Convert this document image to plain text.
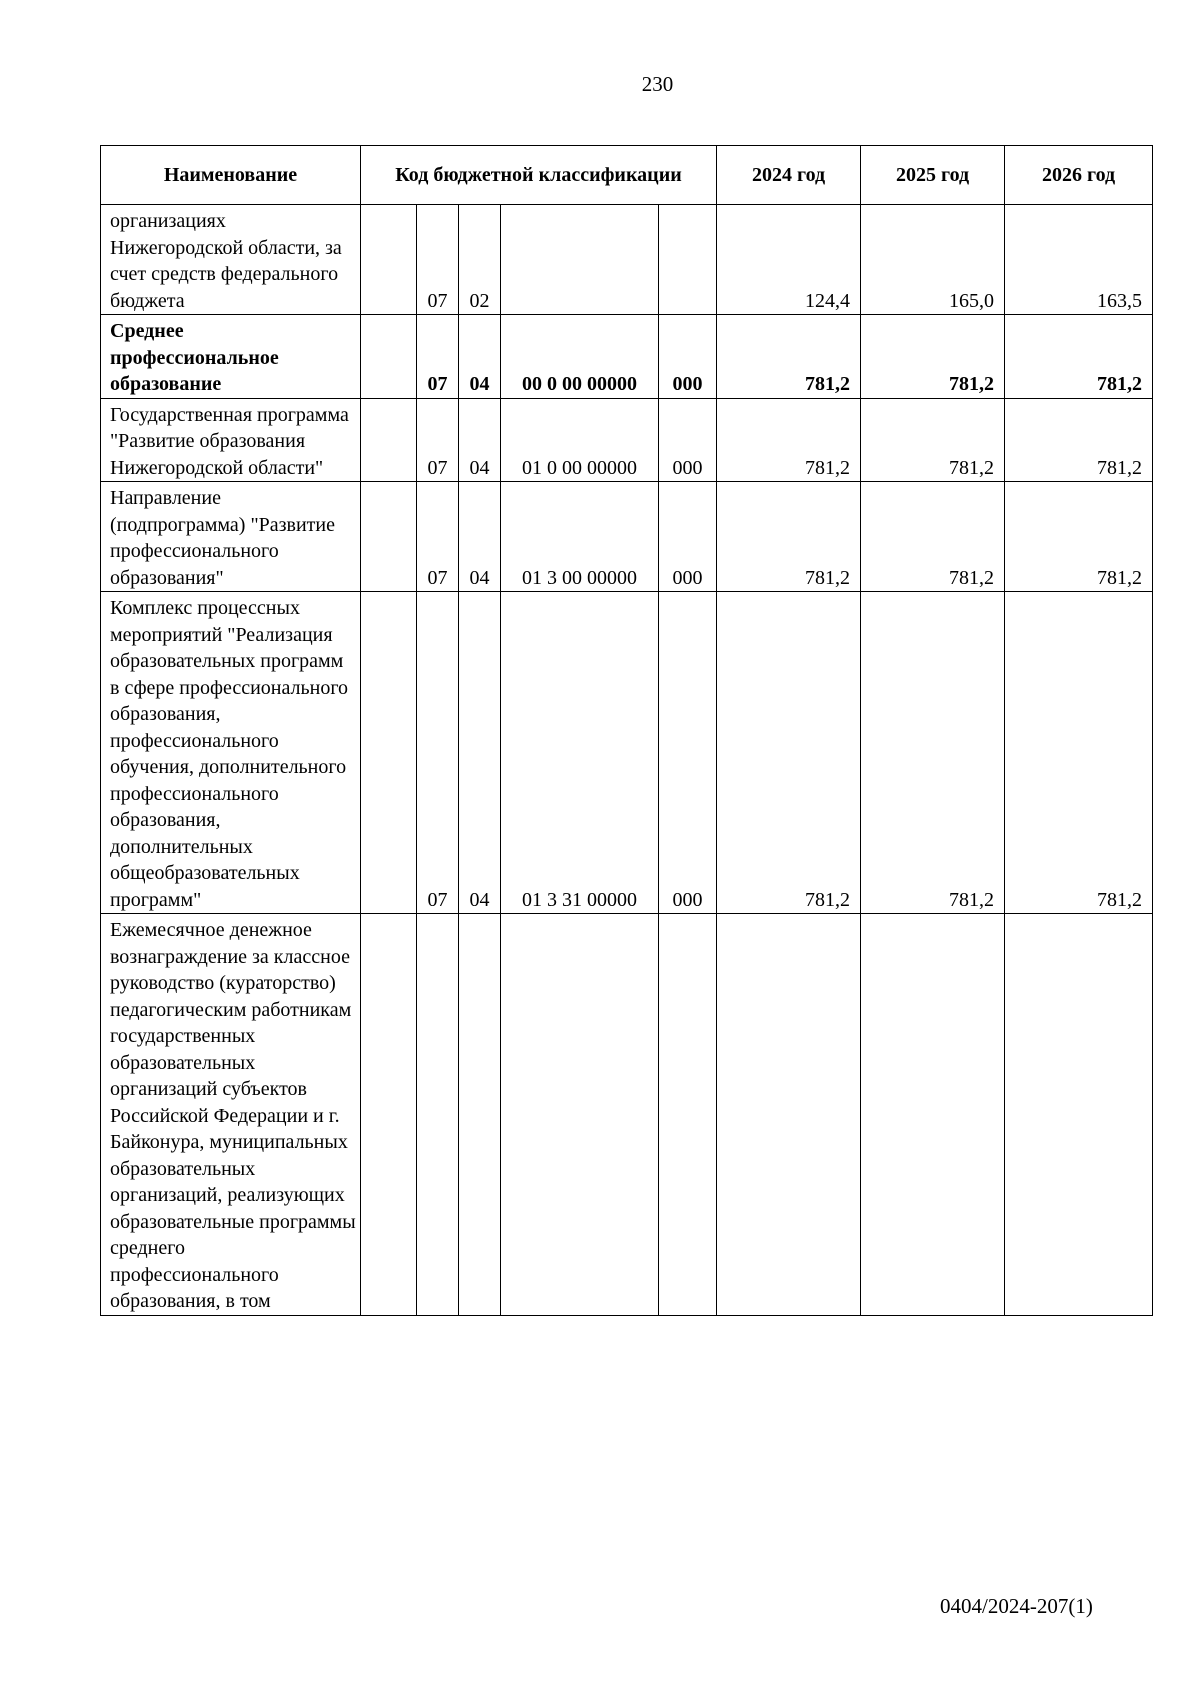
230
Наименование	Код бюджетной классификации					2024 год	2025 год	2026 год
организациях Нижегородской области, за счет средств федерального бюджета		07	02			124,4	165,0	163,5
Среднее профессиональное образование		07	04	00 0 00 00000	000	781,2	781,2	781,2
Государственная программа "Развитие образования Нижегородской области"		07	04	01 0 00 00000	000	781,2	781,2	781,2
Направление (подпрограмма) "Развитие профессионального образования"		07	04	01 3 00 00000	000	781,2	781,2	781,2
Комплекс процессных мероприятий "Реализация образовательных программ в сфере профессионального образования, профессионального обучения, дополнительного профессионального образования, дополнительных общеобразовательных программ"		07	04	01 3 31 00000	000	781,2	781,2	781,2
Ежемесячное денежное вознаграждение за классное руководство (кураторство) педагогическим работникам государственных образовательных организаций субъектов Российской Федерации и г. Байконура, муниципальных образовательных организаций, реализующих образовательные программы среднего профессионального образования, в том								
0404/2024-207(1)
